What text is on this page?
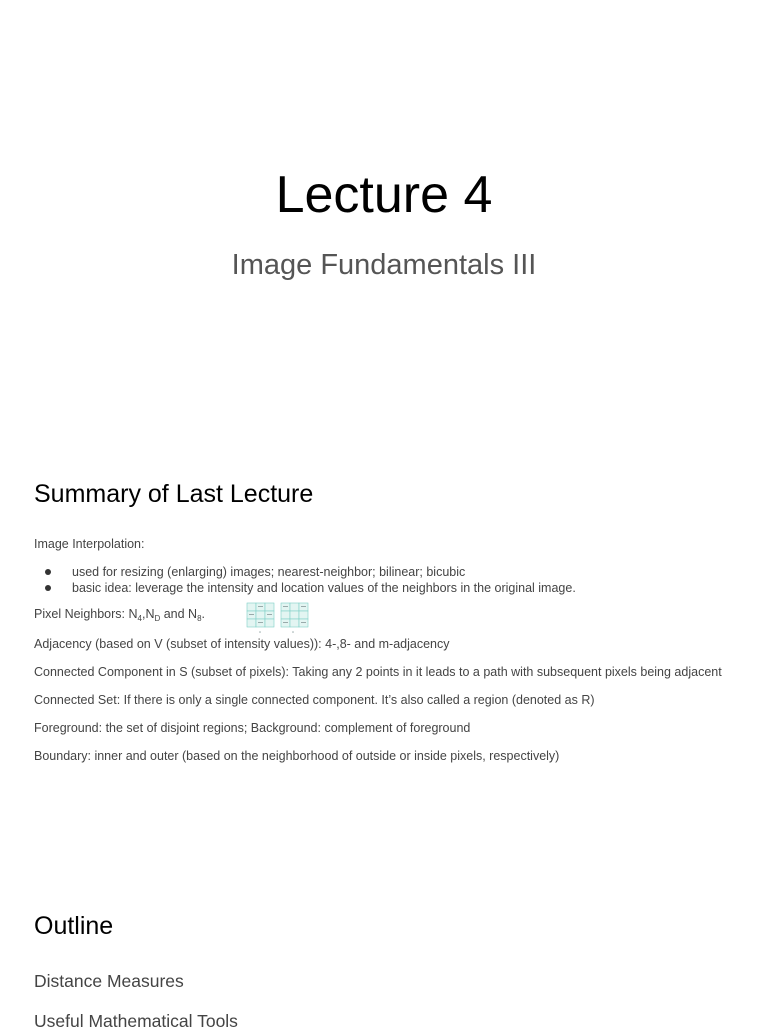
Lecture 4
Image Fundamentals III
Summary of Last Lecture

Image Interpolation:

used for resizing (enlarging) images; nearest-neighbor; bilinear; bicubic
basic idea: leverage the intensity and location values of the neighbors in the original image.
Pixel Neighbors: $N_4,N_D$ and $N_8$.

Adjacency (based on V (subset of intensity values)): 4-,8- and m-adjacency

Connected Component in S (subset of pixels): Taking any 2 points in it leads to a path with subsequent pixels being adjacent

Connected Set: If there is only a single connected component. It’s also called a region (denoted as R)

Foreground: the set of disjoint regions; Background: complement of foreground

Boundary: inner and outer (based on the neighborhood of outside or inside pixels, respectively)

Outline
Distance Measures
Useful Mathematical Tools
